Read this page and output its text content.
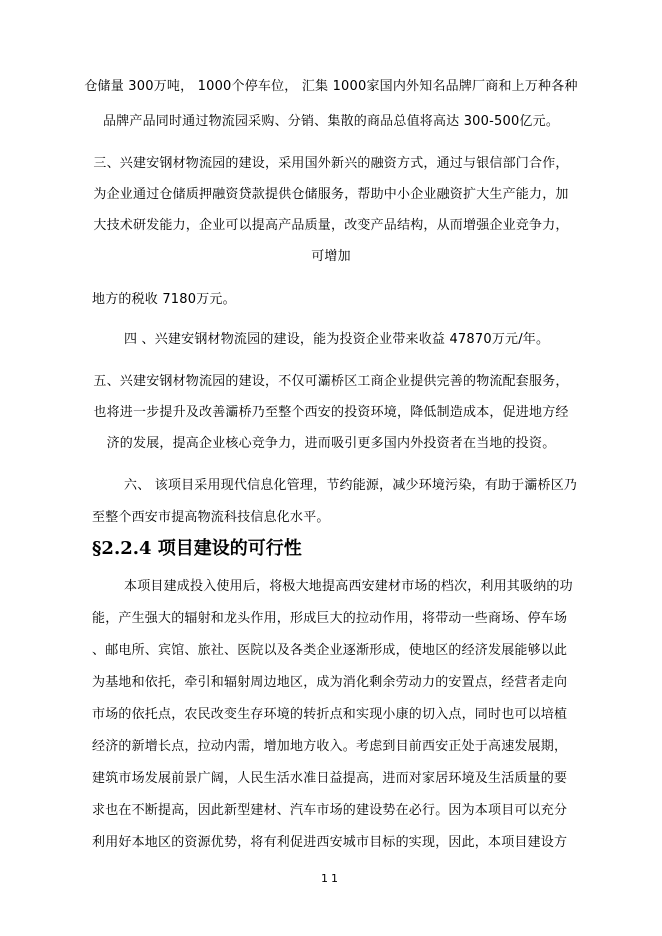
仓储量 300万吨， 1000个停车位， 汇集 1000家国内外知名品牌厂商和上万种各种
品牌产品同时通过物流园采购、分销、集散的商品总值将高达 300-500亿元。
三、兴建安钢材物流园的建设，采用国外新兴的融资方式，通过与银信部门合作，
为企业通过仓储质押融资贷款提供仓储服务，帮助中小企业融资扩大生产能力，加
大技术研发能力，企业可以提高产品质量，改变产品结构，从而增强企业竞争力，
可增加
地方的税收 7180万元。
四 、兴建安钢材物流园的建设，能为投资企业带来收益 47870万元/年。
五、兴建安钢材物流园的建设，不仅可灞桥区工商企业提供完善的物流配套服务，
也将进一步提升及改善灞桥乃至整个西安的投资环境，降低制造成本，促进地方经
济的发展，提高企业核心竞争力，进而吸引更多国内外投资者在当地的投资。
六、 该项目采用现代信息化管理，节约能源，减少环境污染，有助于灞桥区乃
至整个西安市提高物流科技信息化水平。
§2.2.4 项目建设的可行性
本项目建成投入使用后，将极大地提高西安建材市场的档次，利用其吸纳的功
能，产生强大的辐射和龙头作用，形成巨大的拉动作用，将带动一些商场、停车场
、邮电所、宾馆、旅社、医院以及各类企业逐渐形成，使地区的经济发展能够以此
为基地和依托，牵引和辐射周边地区，成为消化剩余劳动力的安置点，经营者走向
市场的依托点，农民改变生存环境的转折点和实现小康的切入点，同时也可以培植
经济的新增长点，拉动内需，增加地方收入。考虑到目前西安正处于高速发展期，
建筑市场发展前景广阔，人民生活水准日益提高，进而对家居环境及生活质量的要
求也在不断提高，因此新型建材、汽车市场的建设势在必行。因为本项目可以充分
利用好本地区的资源优势，将有利促进西安城市目标的实现，因此，本项目建设方
11
